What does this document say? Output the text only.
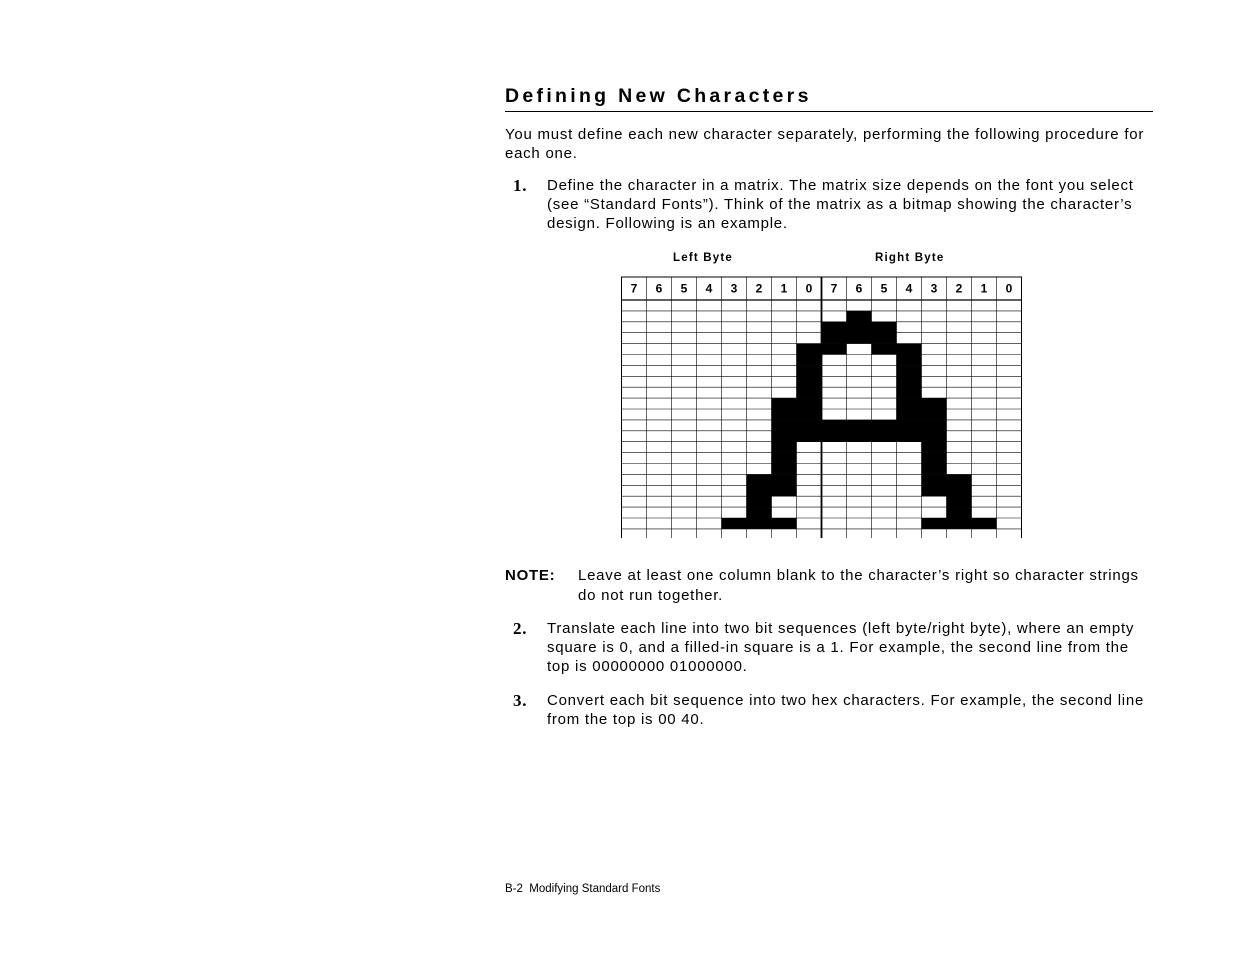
Defining New Characters
You must define each new character separately, performing the following procedure for each one.
1. Define the character in a matrix. The matrix size depends on the font you select (see “Standard Fonts”). Think of the matrix as a bitmap showing the character’s design. Following is an example.
Left Byte	Right Byte
7 6 5 4 3 2 1 0 7 6 5 4 3 2 1 0
NOTE: Leave at least one column blank to the character’s right so character strings do not run together.
2. Translate each line into two bit sequences (left byte/right byte), where an empty square is 0, and a filled-in square is a 1. For example, the second line from the top is 00000000 01000000.
3. Convert each bit sequence into two hex characters. For example, the second line from the top is 00 40.
B-2  Modifying Standard Fonts
